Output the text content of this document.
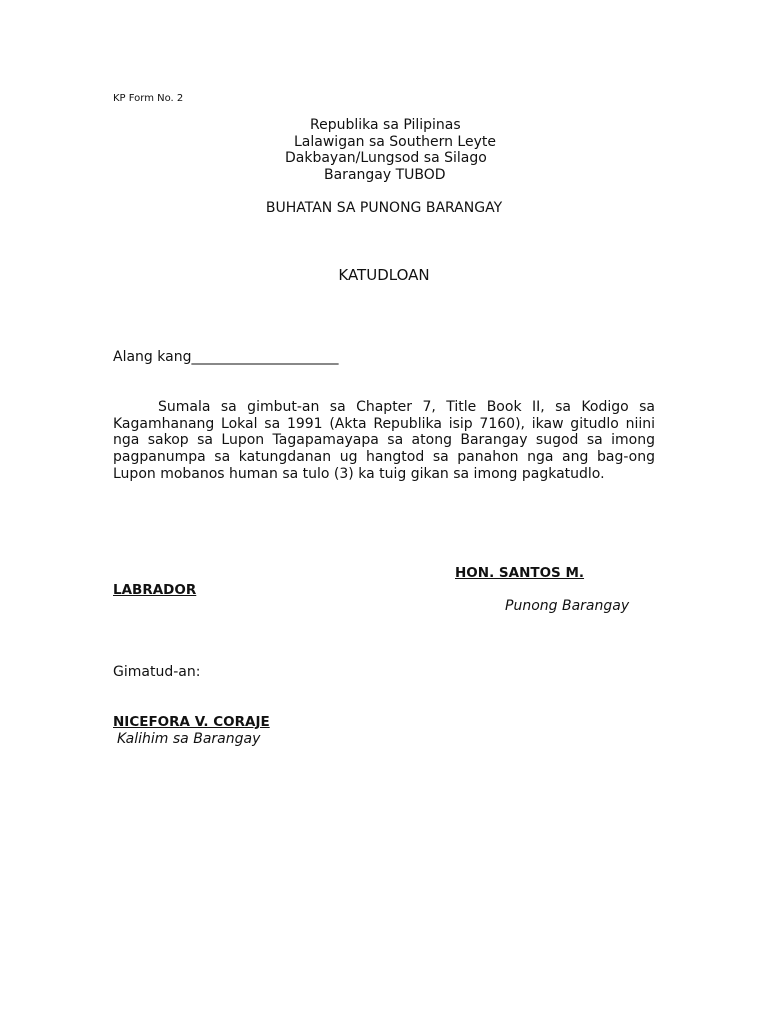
KP Form No. 2
Republika sa Pilipinas
Lalawigan sa Southern Leyte
Dakbayan/Lungsod sa Silago
Barangay TUBOD
BUHATAN SA PUNONG BARANGAY
KATUDLOAN
Alang kang_____________________
Sumala sa gimbut-an sa Chapter 7, Title Book II, sa Kodigo sa Kagamhanang Lokal sa 1991 (Akta Republika isip 7160), ikaw gitudlo niini nga sakop sa Lupon Tagapamayapa sa atong Barangay sugod sa imong pagpanumpa sa katungdanan ug hangtod sa panahon nga ang bag-ong Lupon mobanos human sa tulo (3) ka tuig gikan sa imong pagkatudlo.
HON. SANTOS M.
LABRADOR
Punong Barangay
Gimatud-an:
NICEFORA V. CORAJE
Kalihim sa Barangay
